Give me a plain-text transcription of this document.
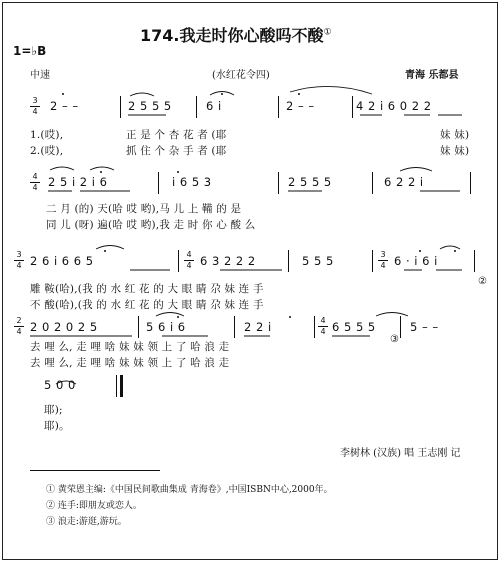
174.我走时你心酸吗不酸①
1=♭B
中速	(水红花令四)	青海 乐都县
3
4 2 – –	2 5 5 5	6 i	2 – –	4 2 i 6 0 2 2
1.(哎),	正 是 个 杏 花 者 (耶	妹 妹)
2.(哎),	抓 住 个 杂 手 者 (耶	妹 妹)
4
4 2 5 i 2 i 6	i 6 5 3	2 5 5 5	6 2 2 i
二 月 (的) 天(哈 哎 哟),马 儿 上 鞴 的 是
同 儿 (呀) 遍(哈 哎 哟),我 走 时 你 心 酸 么
3
4 2 6 i 6 6 5	4
4 6 3 2 2 2	5 5 5	3
4 6 · i 6 i
雕 鞍(哈),(我 的 水 红 花 的 大 眼 睛 尕 妹 连 手
不 酸(哈),(我 的 水 红 花 的 大 眼 睛 尕 妹 连 手
②
2
4 2 0 2 0 2 5	5 6 i 6	2 2 i	4
4 6 5 5 5	5 – –
去 哩 么, 走 哩 啥 妹 妹 领 上 了 哈 浪 走
去 哩 么, 走 哩 啥 妹 妹 领 上 了 哈 浪 走
③
5 0 0
耶);
耶)。
李树林 (汉族) 唱 王志刚 记
① 黄荣恩主编:《中国民间歌曲集成 青海卷》,中国ISBN中心,2000年。
② 连手:即朋友或恋人。
③ 浪走:游逛,游玩。
